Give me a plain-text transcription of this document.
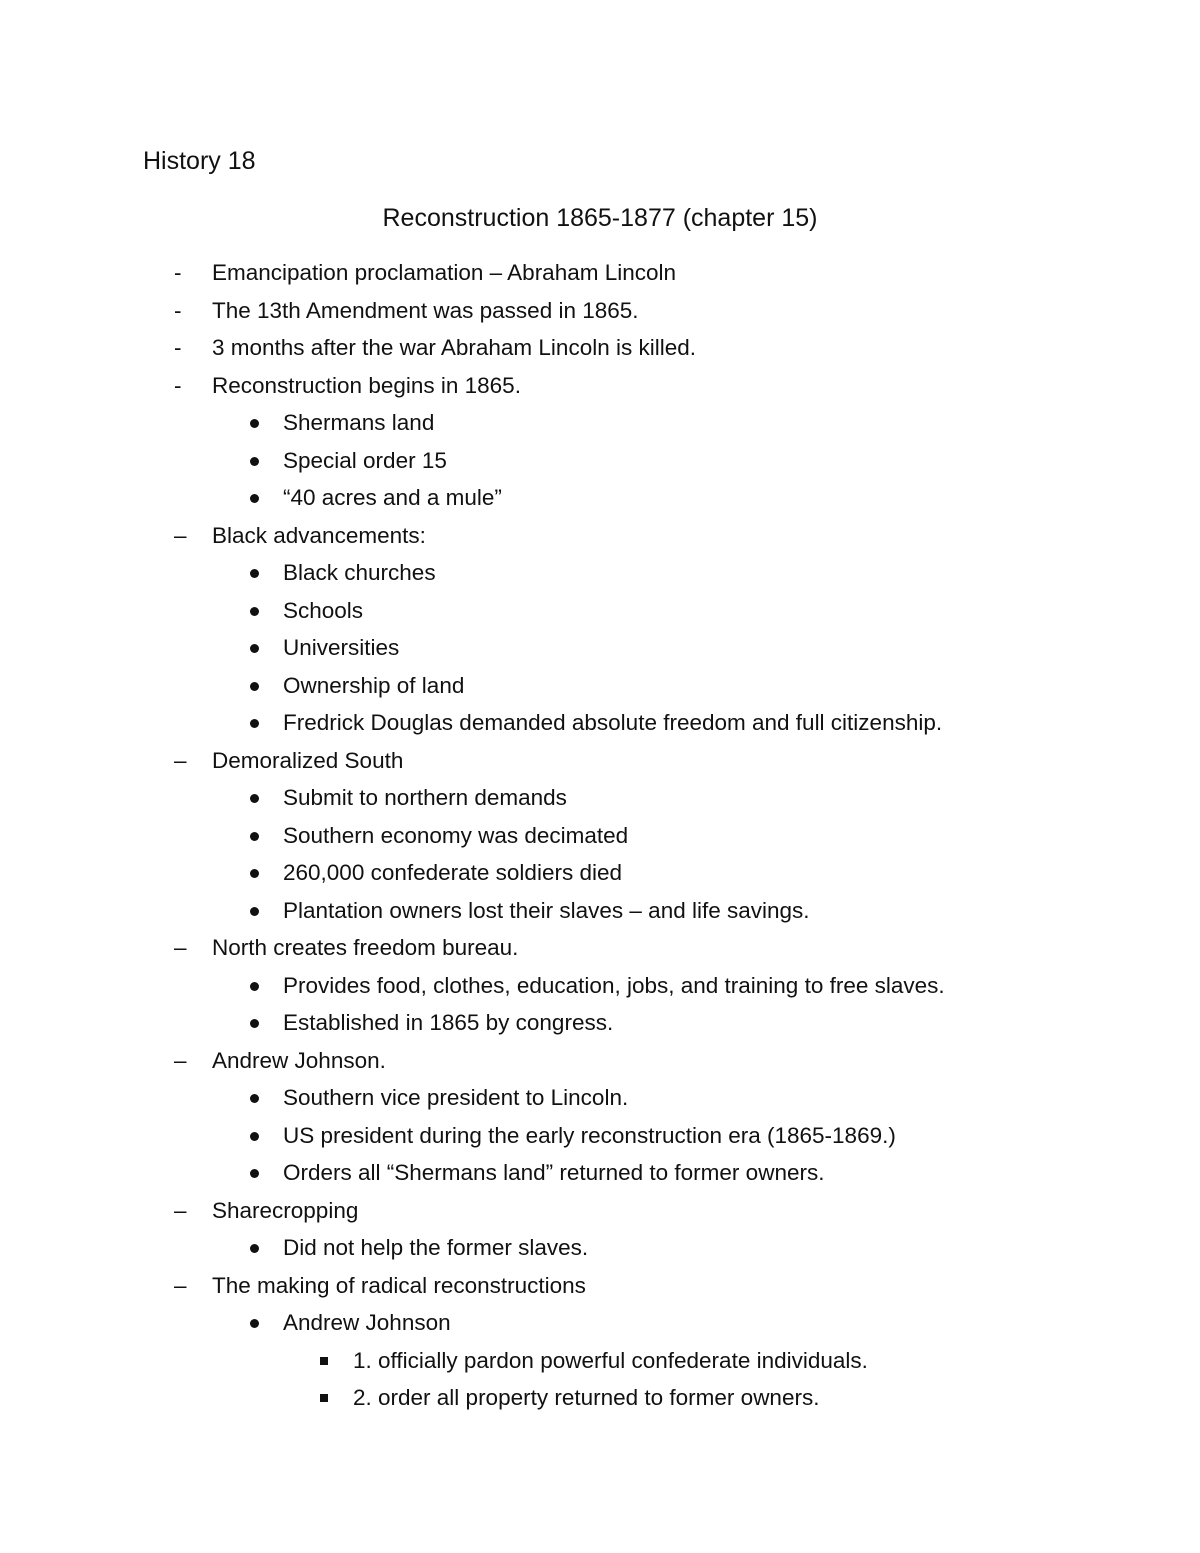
History 18
Reconstruction 1865-1877 (chapter 15)
- Emancipation proclamation – Abraham Lincoln
- The 13th Amendment was passed in 1865.
- 3 months after the war Abraham Lincoln is killed.
- Reconstruction begins in 1865.
Shermans land
Special order 15
“40 acres and a mule”
– Black advancements:
Black churches
Schools
Universities
Ownership of land
Fredrick Douglas demanded absolute freedom and full citizenship.
– Demoralized South
Submit to northern demands
Southern economy was decimated
260,000 confederate soldiers died
Plantation owners lost their slaves – and life savings.
– North creates freedom bureau.
Provides food, clothes, education, jobs, and training to free slaves.
Established in 1865 by congress.
– Andrew Johnson.
Southern vice president to Lincoln.
US president during the early reconstruction era (1865-1869.)
Orders all “Shermans land” returned to former owners.
– Sharecropping
Did not help the former slaves.
– The making of radical reconstructions
Andrew Johnson
1. officially pardon powerful confederate individuals.
2. order all property returned to former owners.
